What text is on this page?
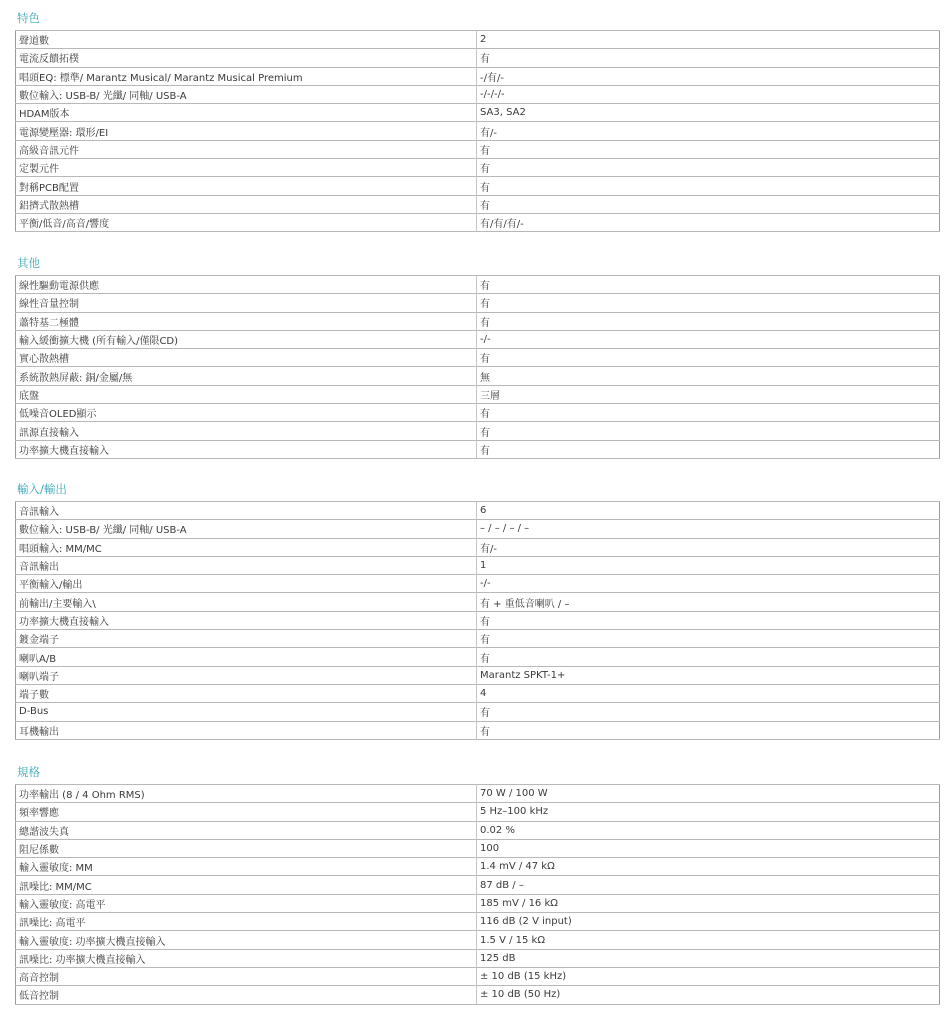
特色
聲道數	2
電流反饋拓樸	有
唱頭EQ: 標準/ Marantz Musical/ Marantz Musical Premium	-/有/-
數位輸入: USB-B/ 光纖/ 同軸/ USB-A	-/-/-/-
HDAM版本	SA3, SA2
電源變壓器: 環形/EI	有/-
高級音訊元件	有
定製元件	有
對稱PCB配置	有
鋁擠式散熱槽	有
平衡/低音/高音/響度	有/有/有/-
其他
線性驅動電源供應	有
線性音量控制	有
蕭特基二極體	有
輸入緩衝擴大機 (所有輸入/僅限CD)	-/-
實心散熱槽	有
系統散熱屏蔽: 銅/金屬/無	無
底盤	三層
低噪音OLED顯示	有
訊源直接輸入	有
功率擴大機直接輸入	有
輸入/輸出
音訊輸入	6
數位輸入: USB-B/ 光纖/ 同軸/ USB-A	– / – / – / –
唱頭輸入: MM/MC	有/-
音訊輸出	1
平衡輸入/輸出	-/-
前輸出/主要輸入\	有 + 重低音喇叭 / –
功率擴大機直接輸入	有
鍍金端子	有
喇叭A/B	有
喇叭端子	Marantz SPKT-1+
端子數	4
D-Bus	有
耳機輸出	有
規格
功率輸出 (8 / 4 Ohm RMS)	70 W / 100 W
頻率響應	5 Hz–100 kHz
總諧波失真	0.02 %
阻尼係數	100
輸入靈敏度: MM	1.4 mV / 47 kΩ
訊噪比: MM/MC	87 dB / –
輸入靈敏度: 高電平	185 mV / 16 kΩ
訊噪比: 高電平	116 dB (2 V input)
輸入靈敏度: 功率擴大機直接輸入	1.5 V / 15 kΩ
訊噪比: 功率擴大機直接輸入	125 dB
高音控制	± 10 dB (15 kHz)
低音控制	± 10 dB (50 Hz)
